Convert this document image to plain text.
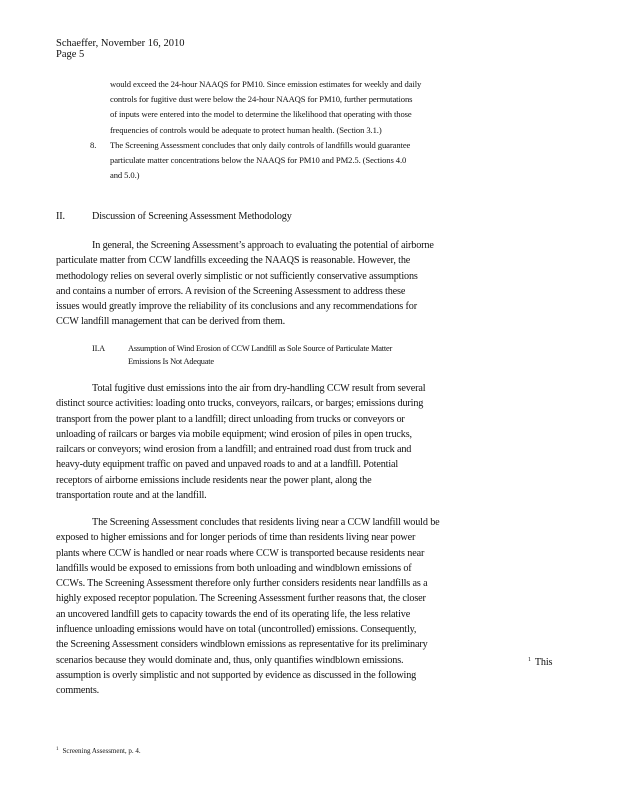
Schaeffer, November 16, 2010
Page 5
would exceed the 24-hour NAAQS for PM10. Since emission estimates for weekly and daily
controls for fugitive dust were below the 24-hour NAAQS for PM10, further permutations
of inputs were entered into the model to determine the likelihood that operating with those
frequencies of controls would be adequate to protect human health. (Section 3.1.)
8. The Screening Assessment concludes that only daily controls of landfills would guarantee
particulate matter concentrations below the NAAQS for PM10 and PM2.5. (Sections 4.0
and 5.0.)
II.	Discussion of Screening Assessment Methodology
In general, the Screening Assessment’s approach to evaluating the potential of airborne
particulate matter from CCW landfills exceeding the NAAQS is reasonable. However, the
methodology relies on several overly simplistic or not sufficiently conservative assumptions
and contains a number of errors. A revision of the Screening Assessment to address these
issues would greatly improve the reliability of its conclusions and any recommendations for
CCW landfill management that can be derived from them.
II.A	Assumption of Wind Erosion of CCW Landfill as Sole Source of Particulate Matter
Emissions Is Not Adequate
Total fugitive dust emissions into the air from dry-handling CCW result from several
distinct source activities: loading onto trucks, conveyors, railcars, or barges; emissions during
transport from the power plant to a landfill; direct unloading from trucks or conveyors or
unloading of railcars or barges via mobile equipment; wind erosion of piles in open trucks,
railcars or conveyors; wind erosion from a landfill; and entrained road dust from truck and
heavy-duty equipment traffic on paved and unpaved roads to and at a landfill. Potential
receptors of airborne emissions include residents near the power plant, along the
transportation route and at the landfill.
The Screening Assessment concludes that residents living near a CCW landfill would be
exposed to higher emissions and for longer periods of time than residents living near power
plants where CCW is handled or near roads where CCW is transported because residents near
landfills would be exposed to emissions from both unloading and windblown emissions of
CCWs. The Screening Assessment therefore only further considers residents near landfills as a
highly exposed receptor population. The Screening Assessment further reasons that, the closer
an uncovered landfill gets to capacity towards the end of its operating life, the less relative
influence unloading emissions would have on total (uncontrolled) emissions. Consequently,
the Screening Assessment considers windblown emissions as representative for its preliminary
scenarios because they would dominate and, thus, only quantifies windblown emissions.
assumption is overly simplistic and not supported by evidence as discussed in the following
comments.
$^1$ This
$^1$ Screening Assessment, p. 4.
